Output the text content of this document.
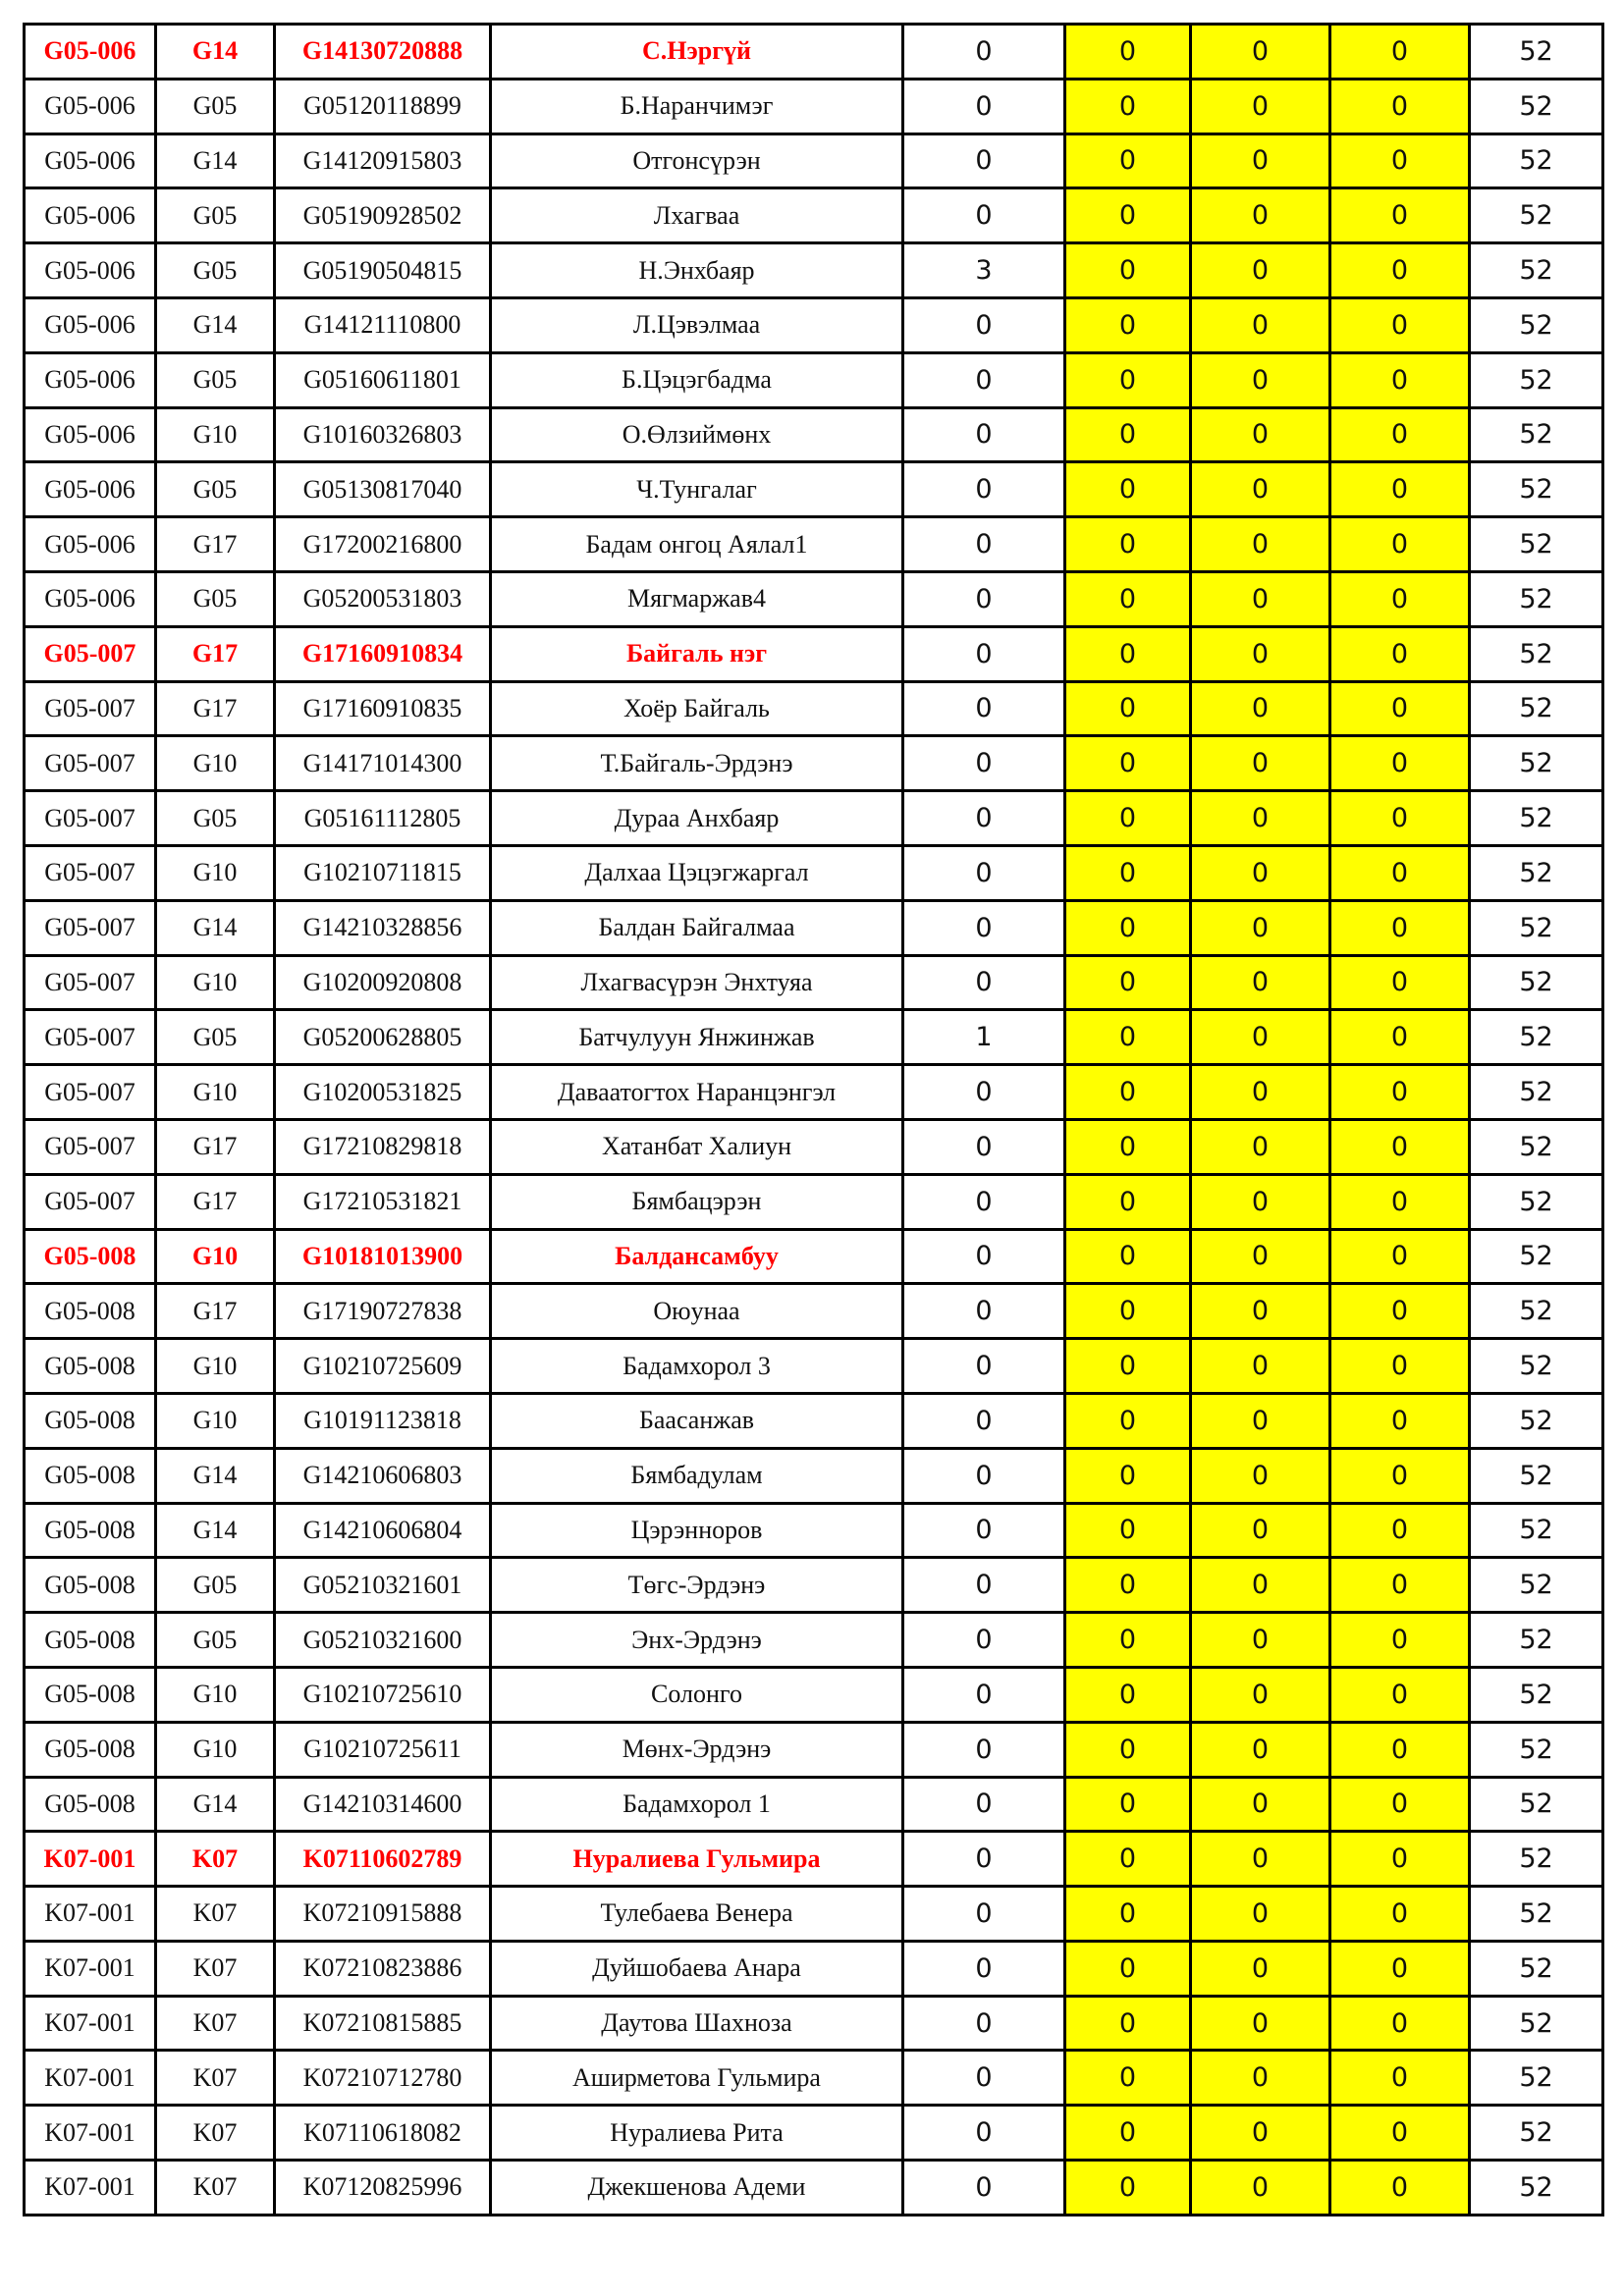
G05-006	G14	G14130720888	С.Нэргүй	0	0	0	0	52
G05-006	G05	G05120118899	Б.Наранчимэг	0	0	0	0	52
G05-006	G14	G14120915803	Отгонсүрэн	0	0	0	0	52
G05-006	G05	G05190928502	Лхагваа	0	0	0	0	52
G05-006	G05	G05190504815	Н.Энхбаяр	3	0	0	0	52
G05-006	G14	G14121110800	Л.Цэвэлмаа	0	0	0	0	52
G05-006	G05	G05160611801	Б.Цэцэгбадма	0	0	0	0	52
G05-006	G10	G10160326803	О.Өлзиймөнх	0	0	0	0	52
G05-006	G05	G05130817040	Ч.Тунгалаг	0	0	0	0	52
G05-006	G17	G17200216800	Бадам онгоц Аялал1	0	0	0	0	52
G05-006	G05	G05200531803	Мягмаржав4	0	0	0	0	52
G05-007	G17	G17160910834	Байгаль нэг	0	0	0	0	52
G05-007	G17	G17160910835	Хоёр Байгаль	0	0	0	0	52
G05-007	G10	G14171014300	Т.Байгаль-Эрдэнэ	0	0	0	0	52
G05-007	G05	G05161112805	Дураа Анхбаяр	0	0	0	0	52
G05-007	G10	G10210711815	Далхаа Цэцэгжаргал	0	0	0	0	52
G05-007	G14	G14210328856	Балдан Байгалмаа	0	0	0	0	52
G05-007	G10	G10200920808	Лхагвасүрэн Энхтуяа	0	0	0	0	52
G05-007	G05	G05200628805	Батчулуун Янжинжав	1	0	0	0	52
G05-007	G10	G10200531825	Даваатогтох Наранцэнгэл	0	0	0	0	52
G05-007	G17	G17210829818	Хатанбат Халиун	0	0	0	0	52
G05-007	G17	G17210531821	Бямбацэрэн	0	0	0	0	52
G05-008	G10	G10181013900	Балдансамбуу	0	0	0	0	52
G05-008	G17	G17190727838	Оюунаа	0	0	0	0	52
G05-008	G10	G10210725609	Бадамхорол 3	0	0	0	0	52
G05-008	G10	G10191123818	Баасанжав	0	0	0	0	52
G05-008	G14	G14210606803	Бямбадулам	0	0	0	0	52
G05-008	G14	G14210606804	Цэрэнноров	0	0	0	0	52
G05-008	G05	G05210321601	Төгс-Эрдэнэ	0	0	0	0	52
G05-008	G05	G05210321600	Энх-Эрдэнэ	0	0	0	0	52
G05-008	G10	G10210725610	Солонго	0	0	0	0	52
G05-008	G10	G10210725611	Мөнх-Эрдэнэ	0	0	0	0	52
G05-008	G14	G14210314600	Бадамхорол 1	0	0	0	0	52
K07-001	K07	K07110602789	Нуралиева Гульмира	0	0	0	0	52
K07-001	K07	K07210915888	Тулебаева Венера	0	0	0	0	52
K07-001	K07	K07210823886	Дуйшобаева Анара	0	0	0	0	52
K07-001	K07	K07210815885	Даутова Шахноза	0	0	0	0	52
K07-001	K07	K07210712780	Аширметова Гульмира	0	0	0	0	52
K07-001	K07	K07110618082	Нуралиева Рита	0	0	0	0	52
K07-001	K07	K07120825996	Джекшенова Адеми	0	0	0	0	52
